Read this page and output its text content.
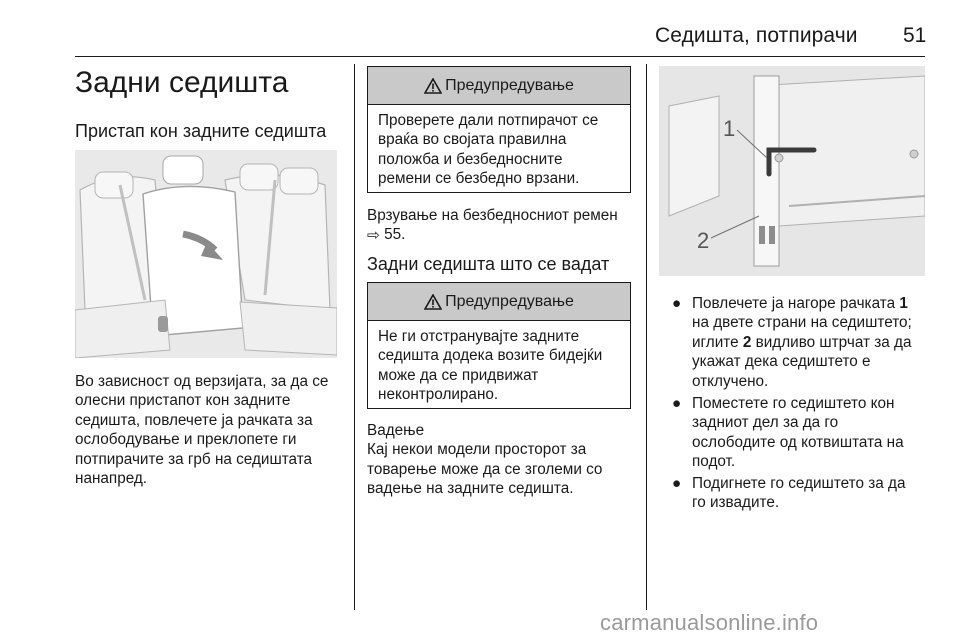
Седишта, потпирачи 51
Задни седишта
Пристап кон задните седишта
Во зависност од верзијата, за да се
олесни пристапот кон задните
седишта, повлечете ја рачката за
ослободување и преклопете ги
потпирачите за грб на седиштата
нанапред.
Предупредување
Проверете дали потпирачот се
враќа во својата правилна
положба и безбедносните
ремени се безбедно врзани.
Врзување на безбедносниот ремен
⇨ 55.
Задни седишта што се вадат
Предупредување
Не ги отстранувајте задните
седишта додека возите бидејќи
може да се придвижат
неконтролирано.
Вадење
Кај некои модели просторот за
товарење може да се зголеми со
вадење на задните седишта.
1
2
● Повлечете ја нагоре рачката 1
на двете страни на седиштето;
иглите 2 видливо штрчат за да
укажат дека седиштето е
отклучено.
● Поместете го седиштето кон
задниот дел за да го
ослободите од котвиштата на
подот.
● Подигнете го седиштето за да
го извадите.
carmanualsonline.info
